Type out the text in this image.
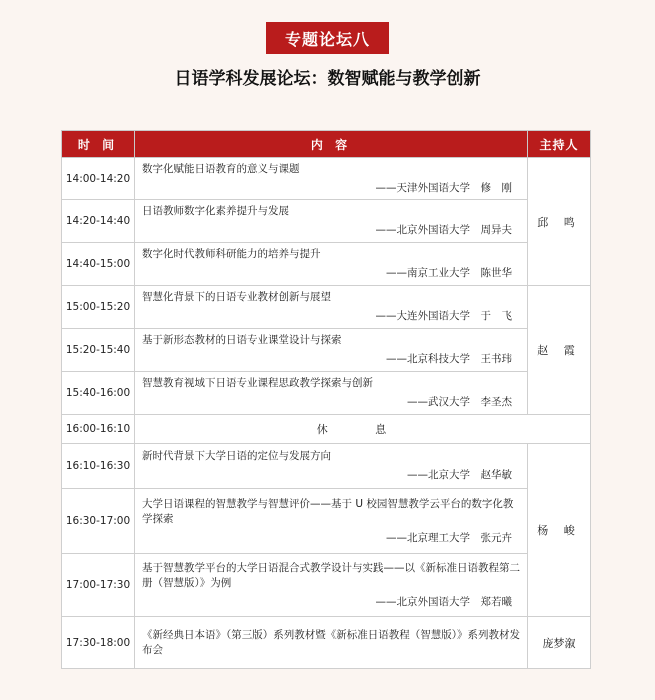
专题论坛八
日语学科发展论坛：数智赋能与教学创新
时 间	内 容	主持人
14:00-14:20	数字化赋能日语教育的意义与课题
——天津外国语大学　修　刚	邱 鸣
14:20-14:40	日语教师数字化素养提升与发展
——北京外国语大学　周异夫	

14:40-15:00	数字化时代教师科研能力的培养与提升
——南京工业大学　陈世华	

15:00-15:20	智慧化背景下的日语专业教材创新与展望
——大连外国语大学　于　飞	赵 霞
15:20-15:40	基于新形态教材的日语专业课堂设计与探索
——北京科技大学　王书玮	

15:40-16:00	智慧教育视域下日语专业课程思政教学探索与创新
——武汉大学　李圣杰	

16:00-16:10	休 息	
16:10-16:30	新时代背景下大学日语的定位与发展方向
——北京大学　赵华敏	杨 峻
16:30-17:00	大学日语课程的智慧教学与智慧评价——基于 U 校园智慧教学云平台的数字化教学探索
——北京理工大学　张元卉	

17:00-17:30	基于智慧教学平台的大学日语混合式教学设计与实践——以《新标准日语教程第二册（智慧版）》为例
——北京外国语大学　郑若曦	

17:30-18:00	《新经典日本语》（第三版）系列教材暨《新标准日语教程（智慧版）》系列教材发布会	庞梦溆
